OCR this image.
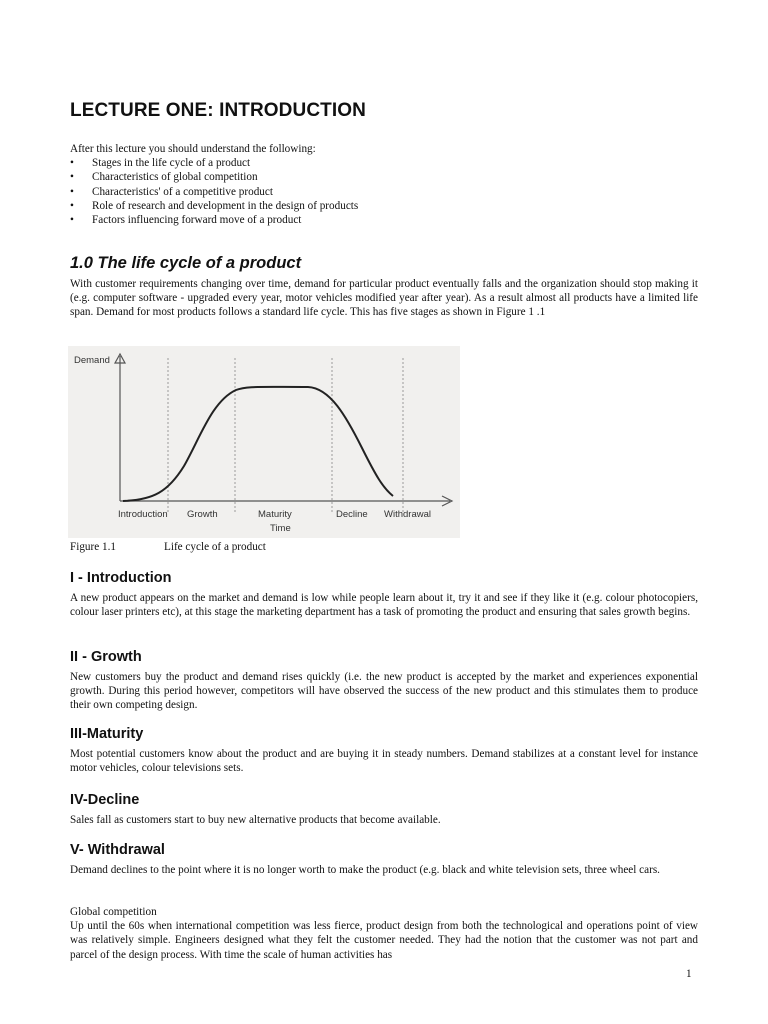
LECTURE ONE: INTRODUCTION

After this lecture you should understand the following:

• Stages in the life cycle of a product
• Characteristics of global competition
• Characteristics' of a competitive product
• Role of research and development in the design of products
• Factors influencing forward move of a product
1.0 The life cycle of a product

With customer requirements changing over time, demand for particular product eventually falls and the organization should stop making it (e.g. computer software - upgraded every year, motor vehicles modified year after year). As a result almost all products have a limited life span. Demand for most products follows a standard life cycle. This has five stages as shown in Figure 1 .1

Demand
Introduction Growth	Maturity	Decline Withdrawal
Time
Figure 1.1	Life cycle of a product
I - Introduction

A new product appears on the market and demand is low while people learn about it, try it and see if they like it (e.g. colour photocopiers, colour laser printers etc), at this stage the marketing department has a task of promoting the product and ensuring that sales growth begins.

II - Growth

New customers buy the product and demand rises quickly (i.e. the new product is accepted by the market and experiences exponential growth. During this period however, competitors will have observed the success of the new product and this stimulates them to produce their own competing design.

III-Maturity

Most potential customers know about the product and are buying it in steady numbers. Demand stabilizes at a constant level for instance motor vehicles, colour televisions sets.

IV-Decline

Sales fall as customers start to buy new alternative products that become available.

V- Withdrawal

Demand declines to the point where it is no longer worth to make the product (e.g. black and white television sets, three wheel cars.

Global competition

Up until the 60s when international competition was less fierce, product design from both the technological and operations point of view was relatively simple. Engineers designed what they felt the customer needed. They had the notion that the customer was not part and parcel of the design process. With time the scale of human activities has

1
